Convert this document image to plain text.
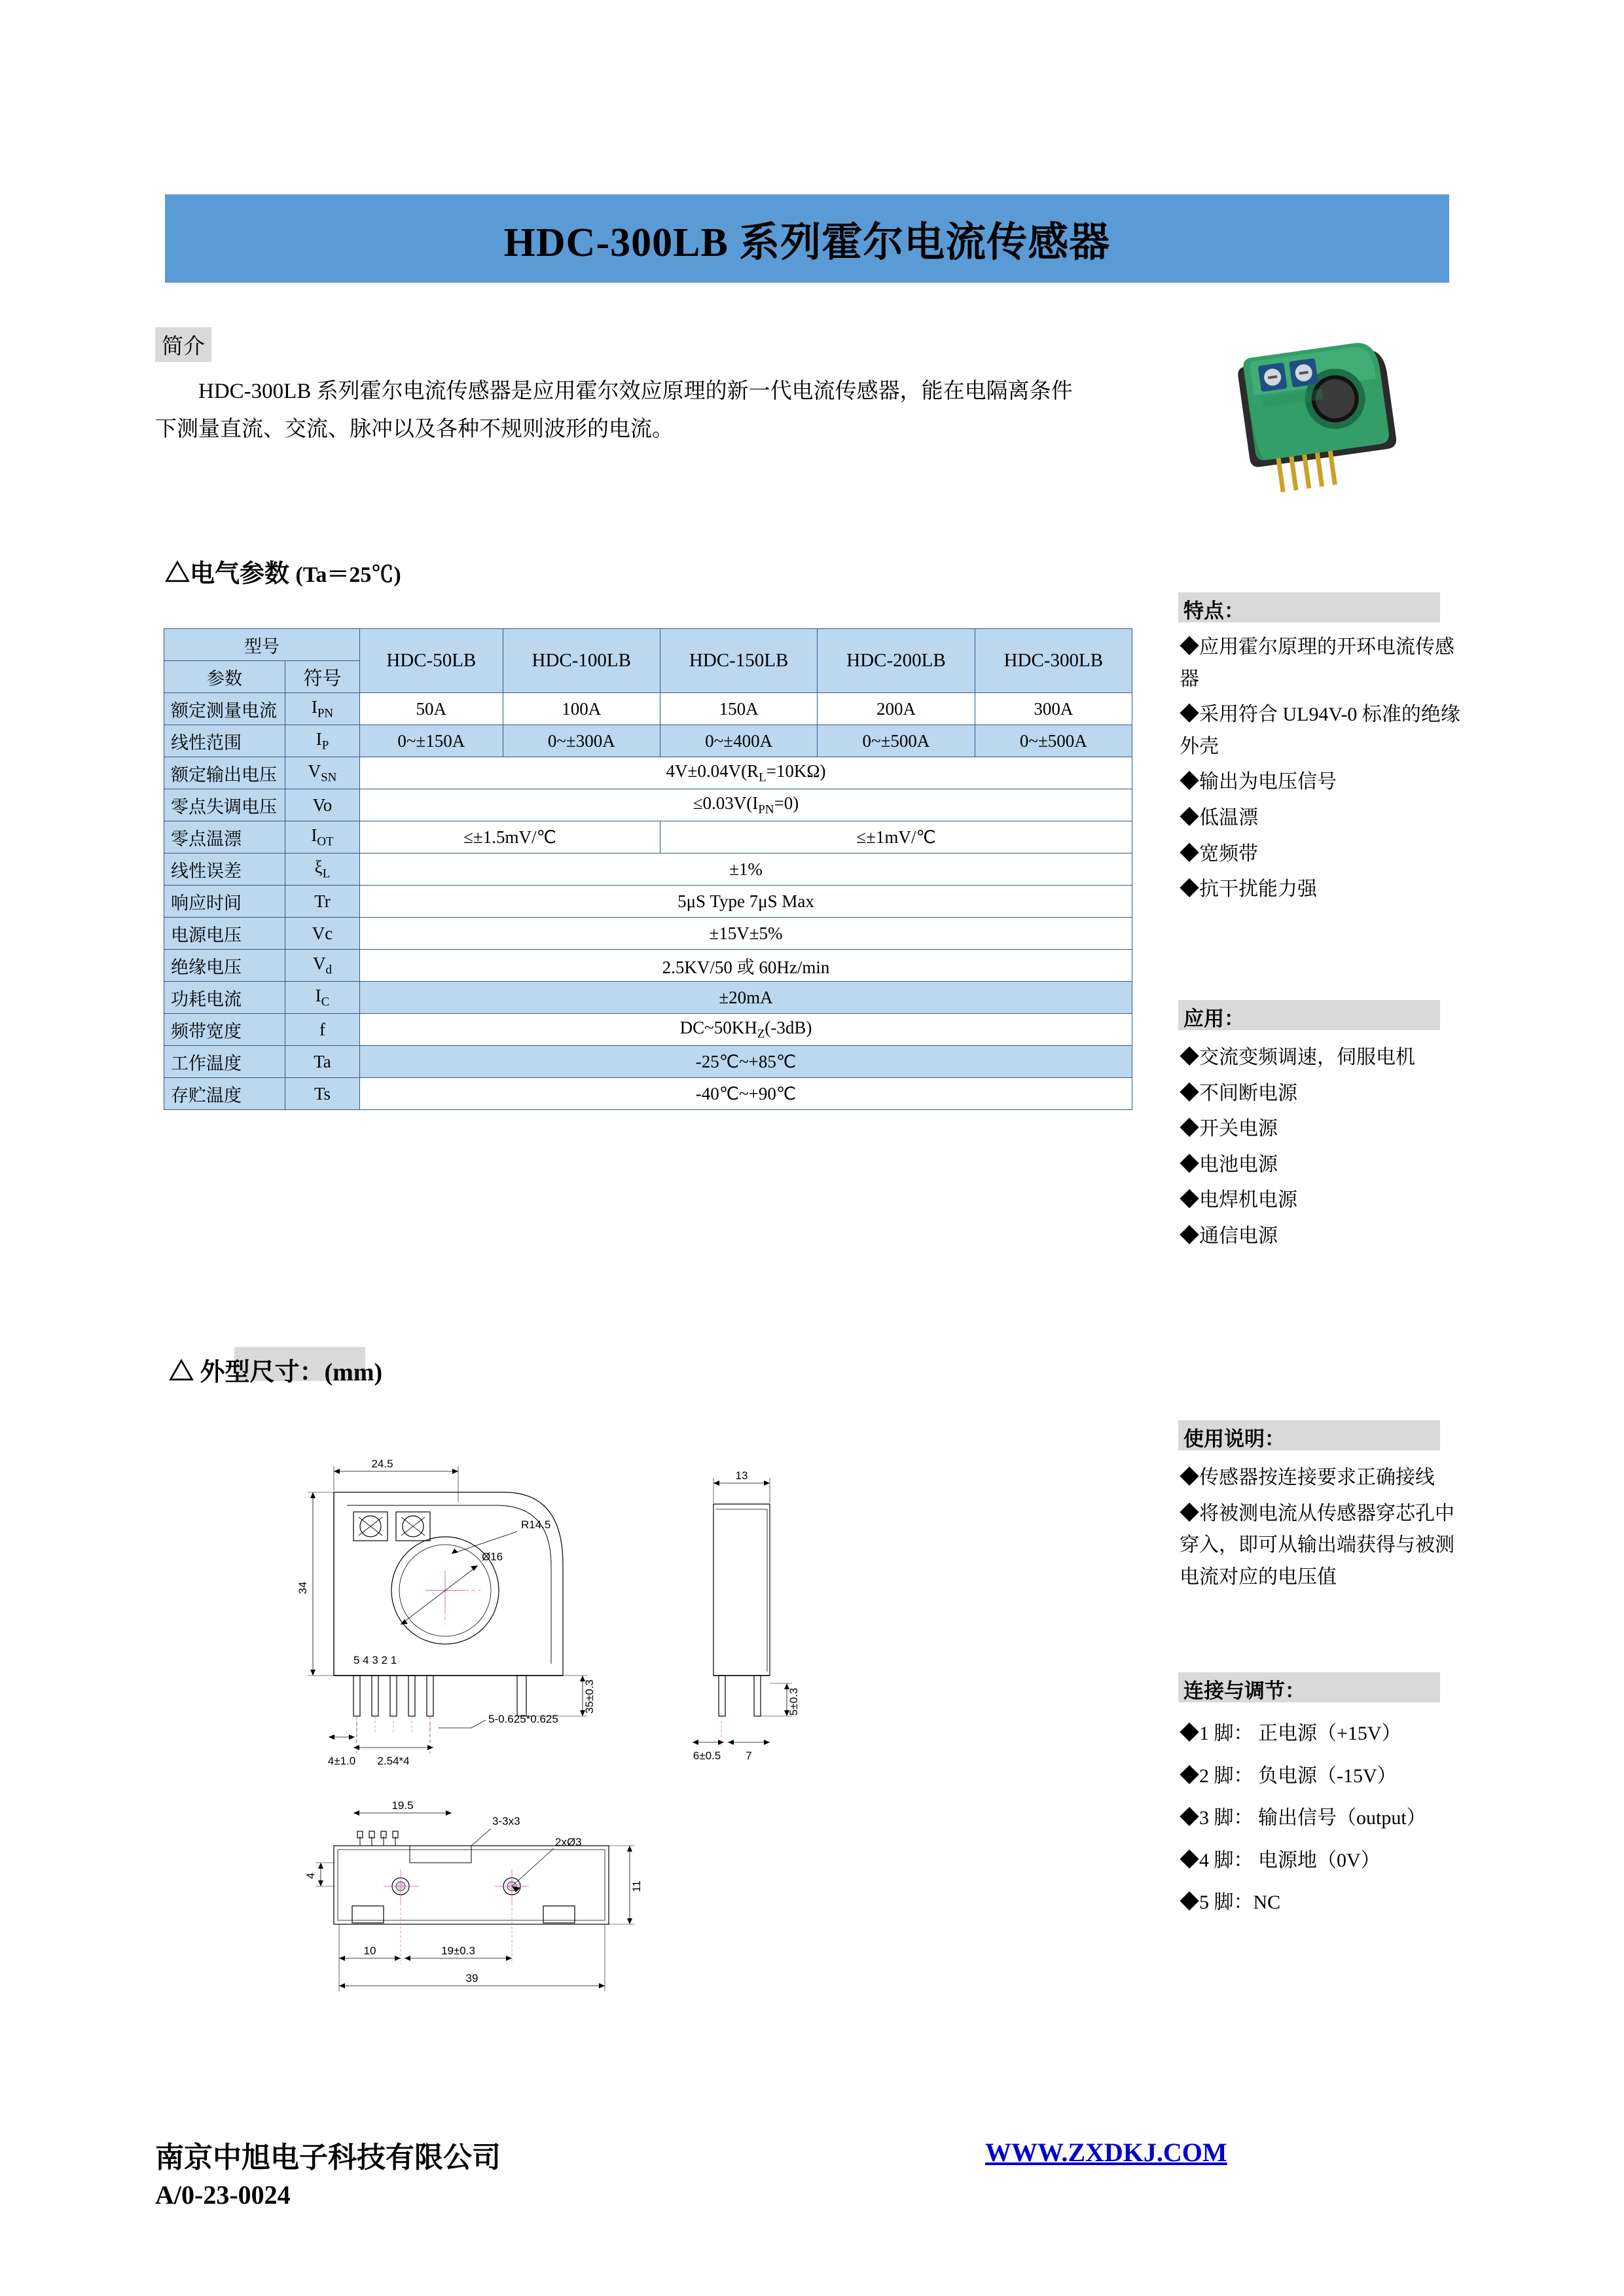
HDC-300LB 系列霍尔电流传感器
简介
HDC-300LB 系列霍尔电流传感器是应用霍尔效应原理的新一代电流传感器，能在电隔离条件下测量直流、交流、脉冲以及各种不规则波形的电流。
△电气参数 (Ta＝25℃)
型号		HDC-50LB	HDC-100LB	HDC-150LB	HDC-200LB	HDC-300LB
参数	符号					
额定测量电流	$I_{PN}$	50A	100A	150A	200A	300A
线性范围	$I_P$	0~±150A	0~±300A	0~±400A	0~±500A	0~±500A
额定输出电压	$V_{SN}$	$4V\pm 0.04V(R_L=10K\Omega)$				
零点失调电压	Vo	$\le 0.03V(I_{PN}=0)$				
零点温漂	$I_{OT}$	≤±1.5mV/℃		≤±1mV/℃		
线性误差	$\xi_L$	±1%				
响应时间	Tr	5μS Type 7μS Max				
电源电压	Vc	±15V±5%				
绝缘电压	$V_d$	2.5KV/50 或 60Hz/min				
功耗电流	$I_C$	±20mA				
频带宽度	f	$DC\sim 50KH_Z(-3dB)$				
工作温度	Ta	-25℃~+85℃				
存贮温度	Ts	-40℃~+90℃				
△ 外型尺寸：(mm)
24.5
R14.5
Ø16
34
5 4 3 2 1
5-0.625*0.625
2.54*4
4±1.0
35±0.3
13
5±0.3
7
6±0.5
19.5
3-3x3
2xØ3
4
11
10	19±0.3
39
特点：
◆应用霍尔原理的开环电流传感器
◆采用符合 UL94V-0 标准的绝缘外壳
◆输出为电压信号
◆低温漂
◆宽频带
◆抗干扰能力强
应用：
◆交流变频调速，伺服电机
◆不间断电源
◆开关电源
◆电池电源
◆电焊机电源
◆通信电源
使用说明：
◆传感器按连接要求正确接线
◆将被测电流从传感器穿芯孔中穿入，即可从输出端获得与被测电流对应的电压值
连接与调节：
◆1 脚： 正电源（+15V）
◆2 脚： 负电源（-15V）
◆3 脚： 输出信号（output）
◆4 脚： 电源地（0V）
◆5 脚：NC
南京中旭电子科技有限公司
A/0-23-0024
WWW.ZXDKJ.COM
